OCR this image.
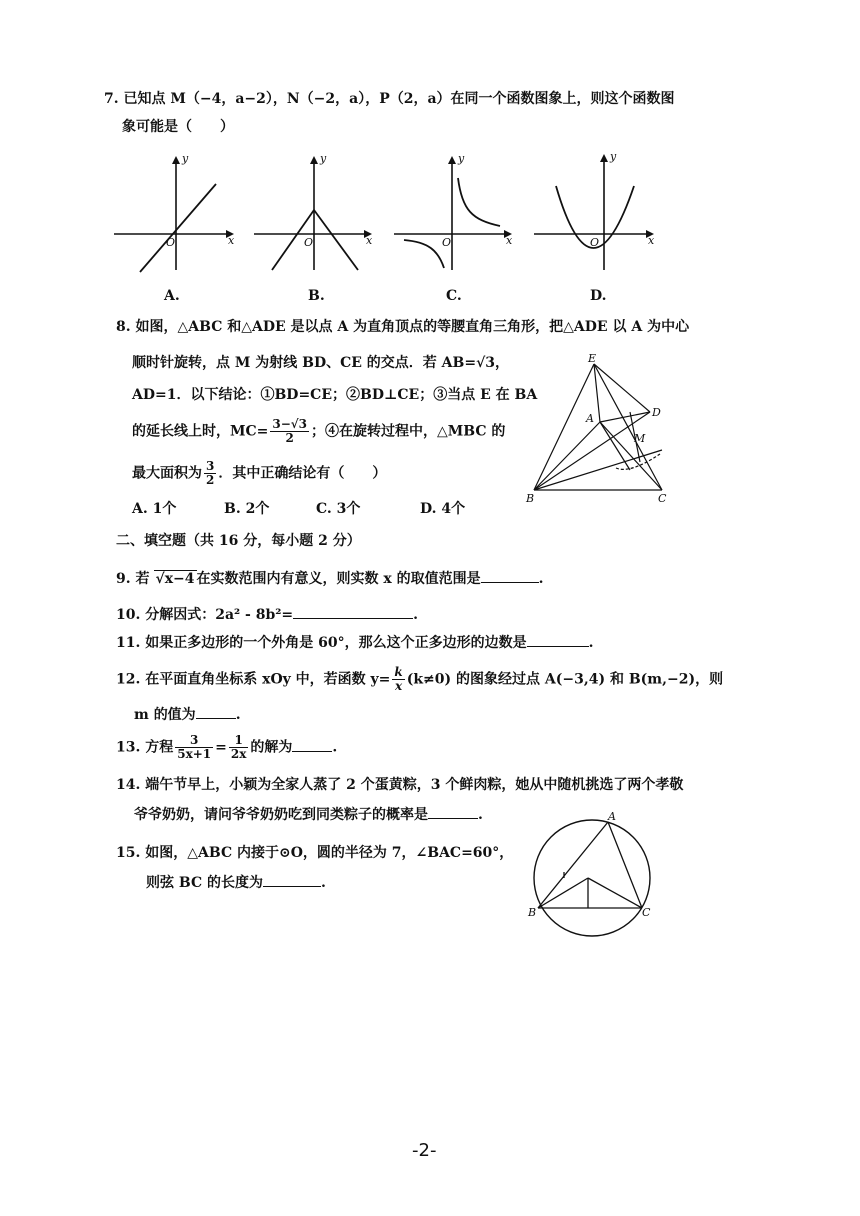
7. 已知点 M（−4，a−2），N（−2，a），P（2，a）在同一个函数图象上，则这个函数图
象可能是（　　）
x
y
O
A.
x
y
O
B.
x
y
O
C.
x
y
O
D.
8. 如图，△ABC 和△ADE 是以点 A 为直角顶点的等腰直角三角形，把△ADE 以 A 为中心
顺时针旋转，点 M 为射线 BD、CE 的交点．若 AB=√3，
AD=1．以下结论：①BD=CE；②BD⊥CE；③当点 E 在 BA
的延长线上时，$MC= \frac{3-√3}{2}$ ；④在旋转过程中，△MBC 的
最大面积为 $\frac{3}{2}$ ．其中正确结论有（　　）
A. 1个	B. 2个	C. 3个	D. 4个
E
A	D
M
B	C
二、填空题（共 16 分，每小题 2 分）
9. 若 √x−4 在实数范围内有意义，则实数 x 的取值范围是	.
10. 分解因式：2a² - 8b²=	.
11. 如果正多边形的一个外角是 60°，那么这个正多边形的边数是	.
12. 在平面直角坐标系 xOy 中，若函数 $y= \frac{k}{x} (k\ne 0)$ 的图象经过点 A(−3,4) 和 B(m,−2)，则
m 的值为	.
13. 方程 $\frac{3}{5x+1} = \frac{1}{2x}$ 的解为	.
14. 端午节早上，小颖为全家人蒸了 2 个蛋黄粽，3 个鲜肉粽，她从中随机挑选了两个孝敬
爷爷奶奶，请问爷爷奶奶吃到同类粽子的概率是	.
15. 如图，△ABC 内接于⊙O，圆的半径为 7，∠BAC=60°，
则弦 BC 的长度为	.
A
B	C
-2-
